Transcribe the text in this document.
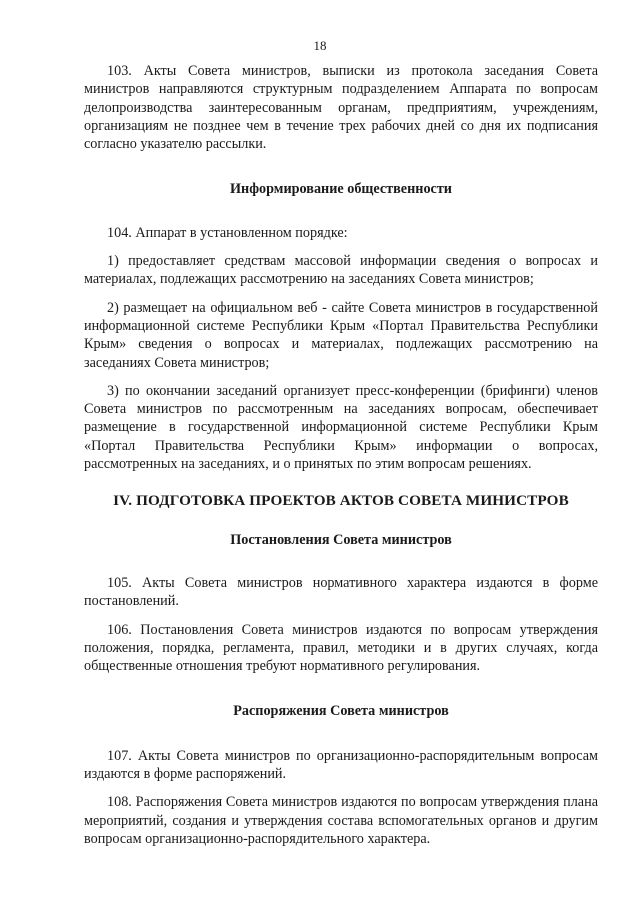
18

103. Акты Совета министров, выписки из протокола заседания Совета министров направляются структурным подразделением Аппарата по вопросам делопроизводства заинтересованным органам, предприятиям, учреждениям, организациям не позднее чем в течение трех рабочих дней со дня их подписания согласно указателю рассылки.

Информирование общественности

104. Аппарат в установленном порядке:

1) предоставляет средствам массовой информации сведения о вопросах и материалах, подлежащих рассмотрению на заседаниях Совета министров;

2) размещает на официальном веб - сайте Совета министров в государственной информационной системе Республики Крым «Портал Правительства Республики Крым» сведения о вопросах и материалах, подлежащих рассмотрению на заседаниях Совета министров;

3) по окончании заседаний организует пресс-конференции (брифинги) членов Совета министров по рассмотренным на заседаниях вопросам, обеспечивает размещение в государственной информационной системе Республики Крым «Портал Правительства Республики Крым» информации о вопросах, рассмотренных на заседаниях, и о принятых по этим вопросам решениях.

IV. ПОДГОТОВКА ПРОЕКТОВ АКТОВ СОВЕТА МИНИСТРОВ

Постановления Совета министров

105. Акты Совета министров нормативного характера издаются в форме постановлений.

106. Постановления Совета министров издаются по вопросам утверждения положения, порядка, регламента, правил, методики и в других случаях, когда общественные отношения требуют нормативного регулирования.

Распоряжения Совета министров

107. Акты Совета министров по организационно-распорядительным вопросам издаются в форме распоряжений.

108. Распоряжения Совета министров издаются по вопросам утверждения плана мероприятий, создания и утверждения состава вспомогательных органов и другим вопросам организационно-распорядительного характера.
